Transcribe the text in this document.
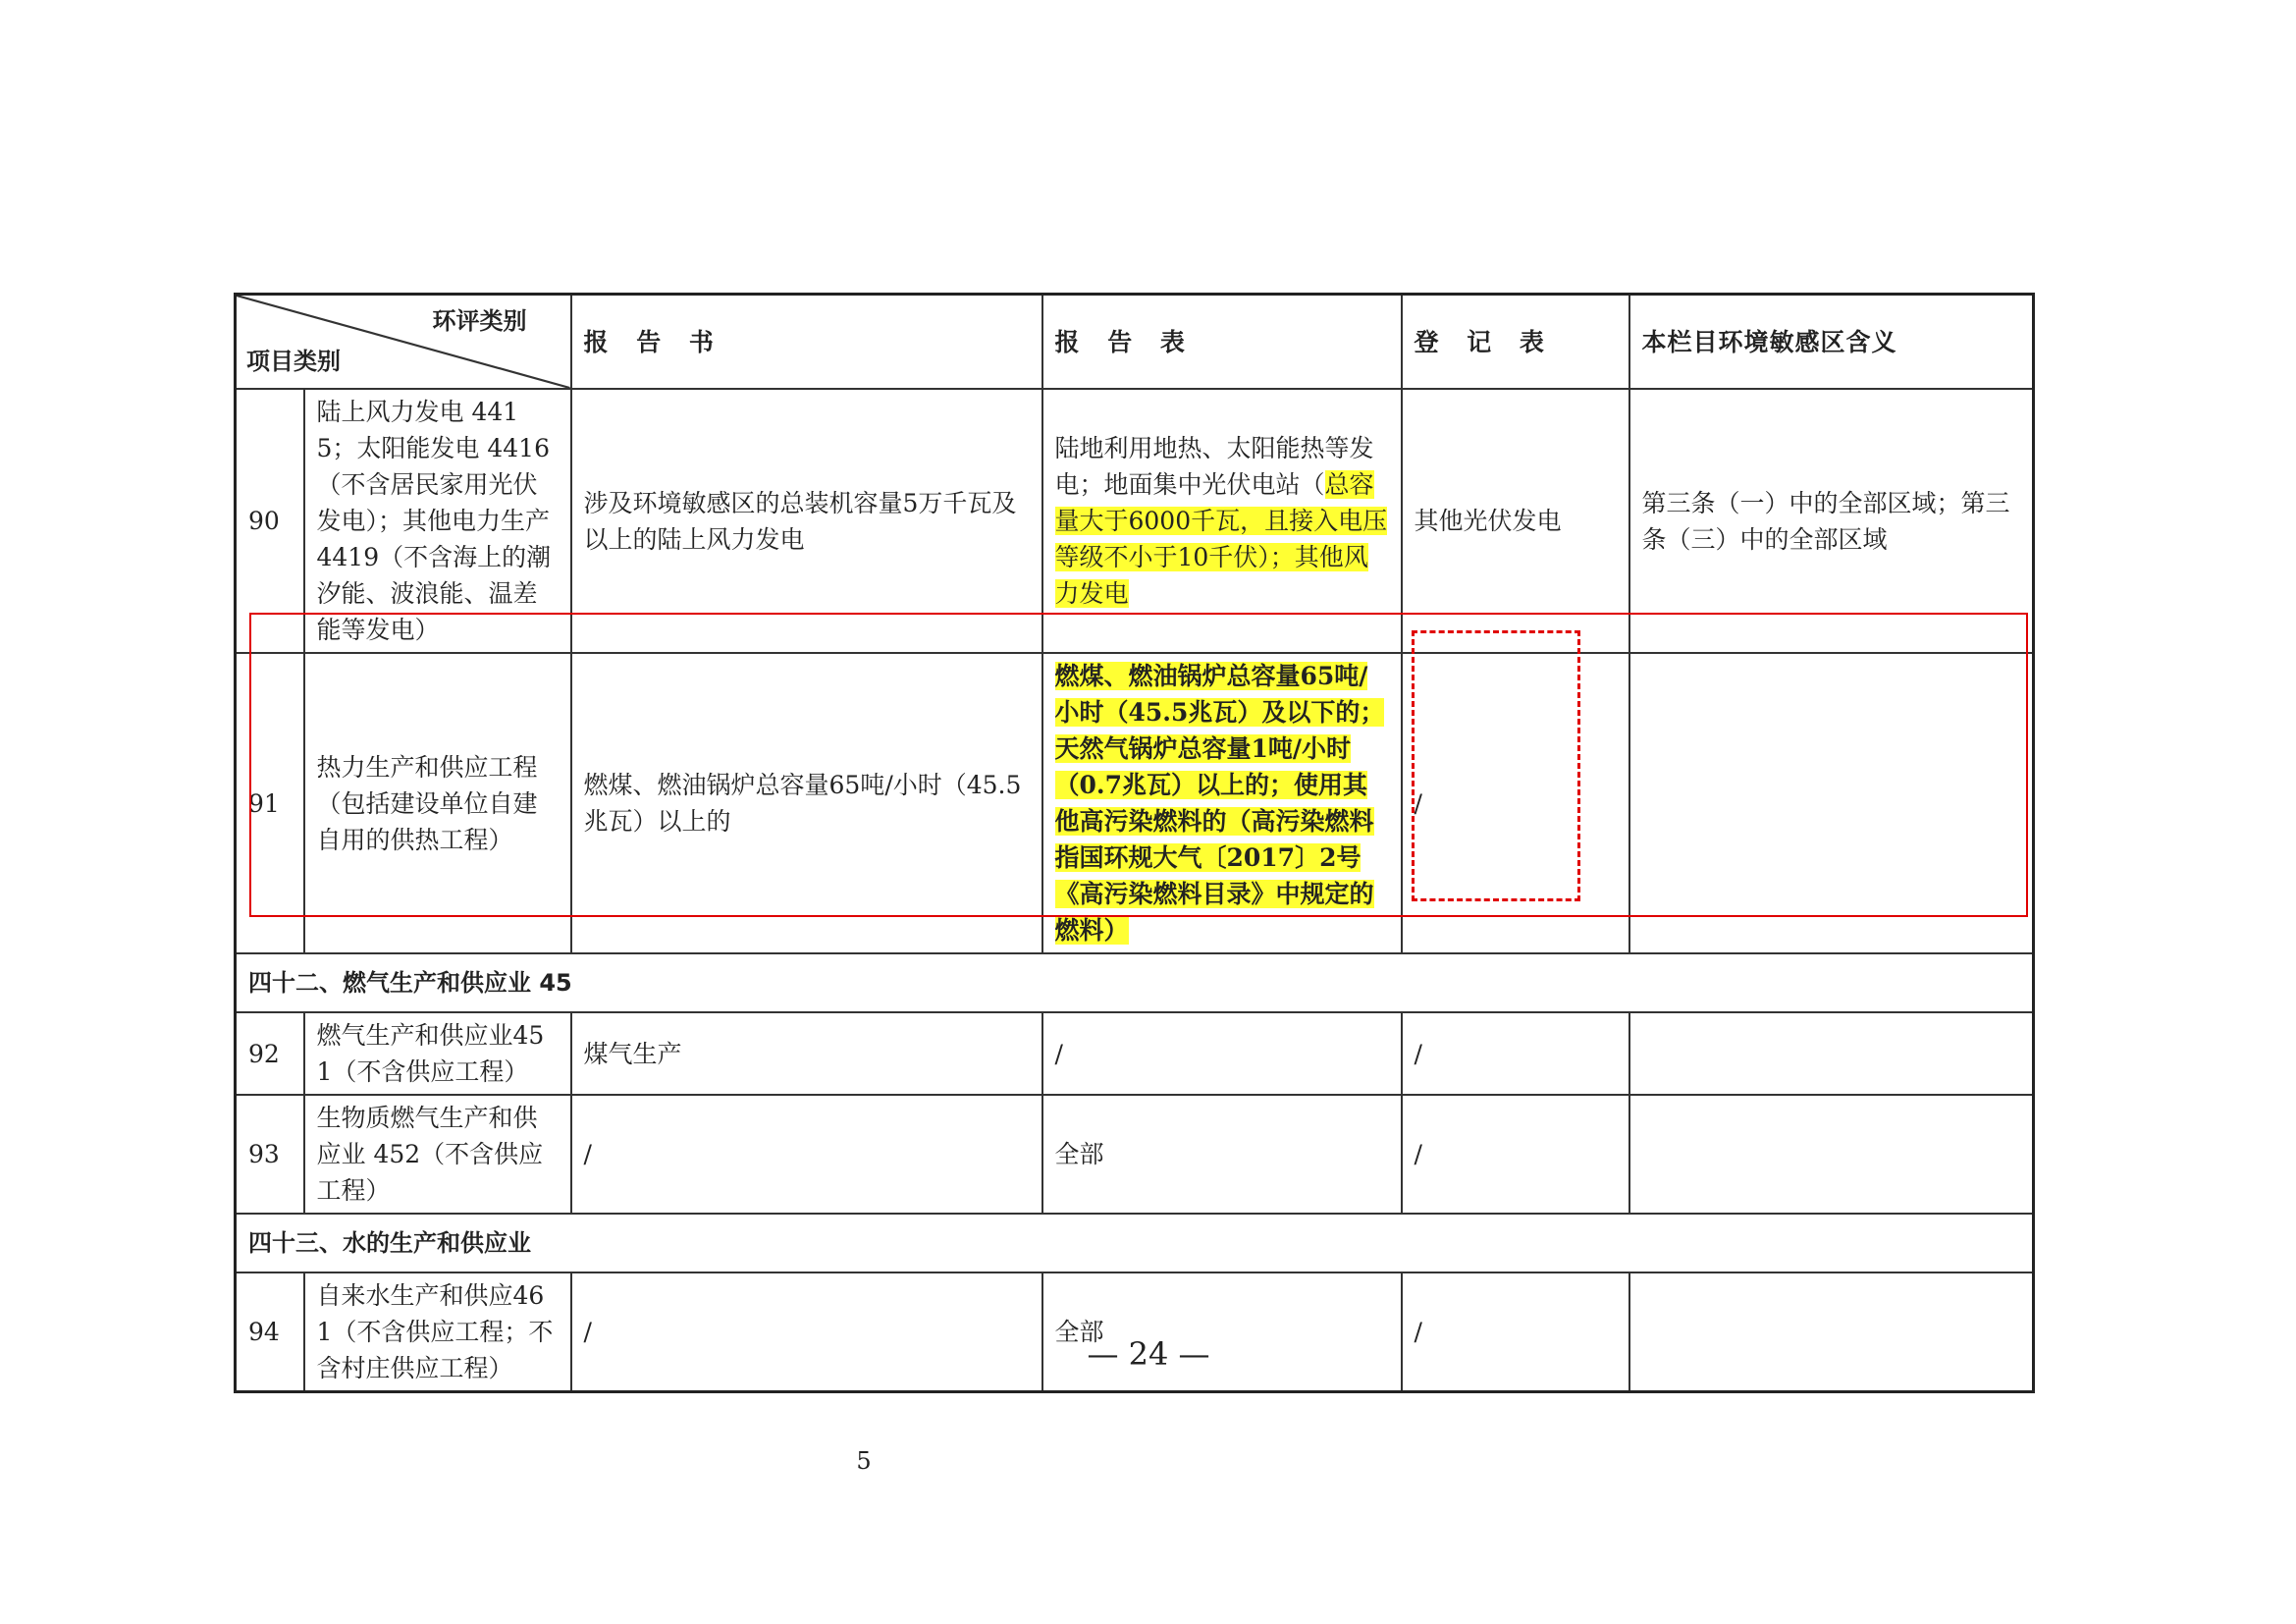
环评类别
项目类别		报 告 书	报 告 表	登 记 表	本栏目环境敏感区含义
90	陆上风力发电 4415；太阳能发电 4416（不含居民家用光伏发电）；其他电力生产4419（不含海上的潮汐能、波浪能、温差能等发电）	涉及环境敏感区的总装机容量5万千瓦及以上的陆上风力发电	陆地利用地热、太阳能热等发电；地面集中光伏电站（总容量大于6000千瓦，且接入电压等级不小于10千伏）；其他风力发电	其他光伏发电	第三条（一）中的全部区域；第三条（三）中的全部区域
91	热力生产和供应工程（包括建设单位自建自用的供热工程）	燃煤、燃油锅炉总容量65吨/小时（45.5兆瓦）以上的	燃煤、燃油锅炉总容量65吨/小时（45.5兆瓦）及以下的；天然气锅炉总容量1吨/小时（0.7兆瓦）以上的；使用其他高污染燃料的（高污染燃料指国环规大气〔2017〕2号《高污染燃料目录》中规定的燃料）	/	
四十二、燃气生产和供应业 45					
92	燃气生产和供应业451（不含供应工程）	煤气生产	/	/	
93	生物质燃气生产和供应业 452（不含供应工程）	/	全部	/	
四十三、水的生产和供应业					
94	自来水生产和供应461（不含供应工程；不含村庄供应工程）	/	全部	/	
— 24 —
5
